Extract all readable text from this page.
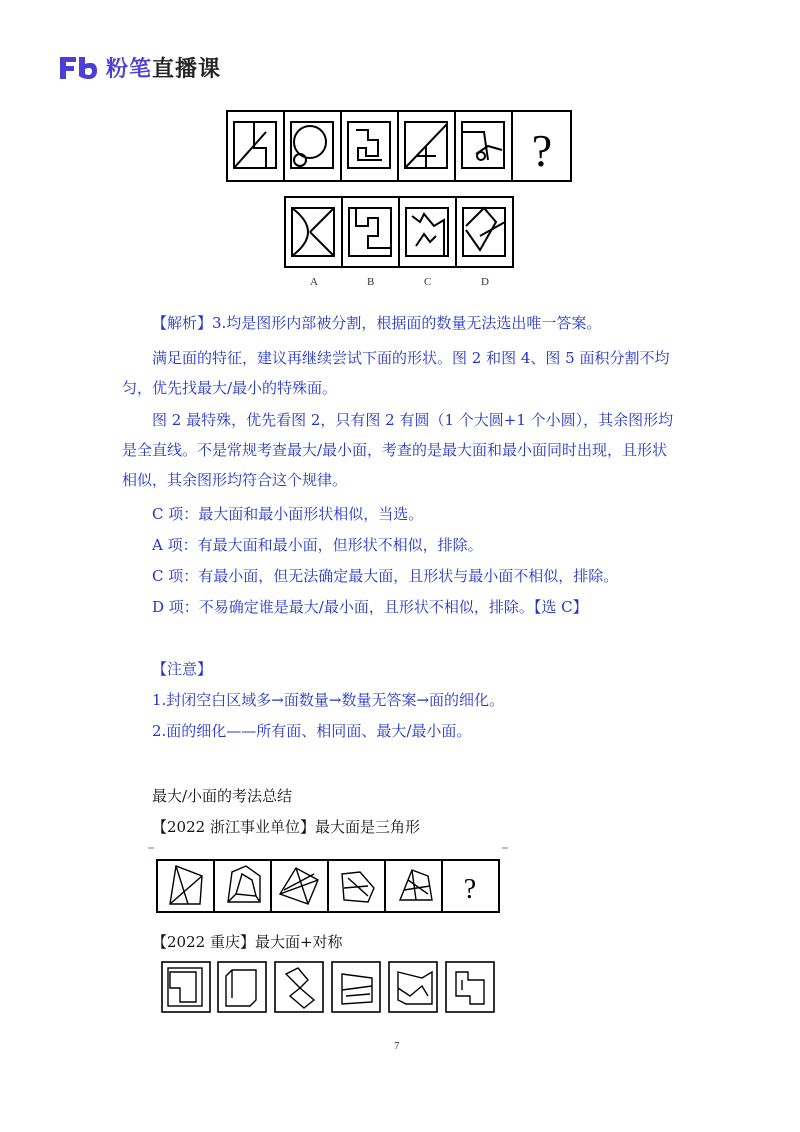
粉笔直播课
?
A	B	C	D
【解析】3.均是图形内部被分割，根据面的数量无法选出唯一答案。
满足面的特征，建议再继续尝试下面的形状。图 2 和图 4、图 5 面积分割不均匀，优先找最大/最小的特殊面。
图 2 最特殊，优先看图 2，只有图 2 有圆（1 个大圆+1 个小圆），其余图形均是全直线。不是常规考查最大/最小面，考查的是最大面和最小面同时出现，且形状相似，其余图形均符合这个规律。
C 项：最大面和最小面形状相似，当选。
A 项：有最大面和最小面，但形状不相似，排除。
C 项：有最小面，但无法确定最大面，且形状与最小面不相似，排除。
D 项：不易确定谁是最大/最小面，且形状不相似，排除。【选 C】
【注意】
1.封闭空白区域多→面数量→数量无答案→面的细化。
2.面的细化——所有面、相同面、最大/最小面。
最大/小面的考法总结
【2022 浙江事业单位】最大面是三角形
?
【2022 重庆】最大面+对称
7
